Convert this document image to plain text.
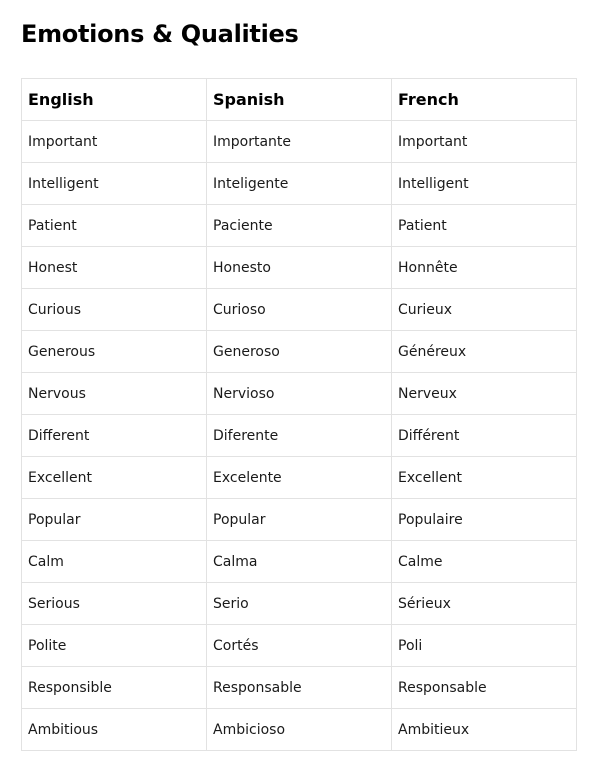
Emotions & Qualities
English	Spanish	French
Important	Importante	Important
Intelligent	Inteligente	Intelligent
Patient	Paciente	Patient
Honest	Honesto	Honnête
Curious	Curioso	Curieux
Generous	Generoso	Généreux
Nervous	Nervioso	Nerveux
Different	Diferente	Différent
Excellent	Excelente	Excellent
Popular	Popular	Populaire
Calm	Calma	Calme
Serious	Serio	Sérieux
Polite	Cortés	Poli
Responsible	Responsable	Responsable
Ambitious	Ambicioso	Ambitieux
